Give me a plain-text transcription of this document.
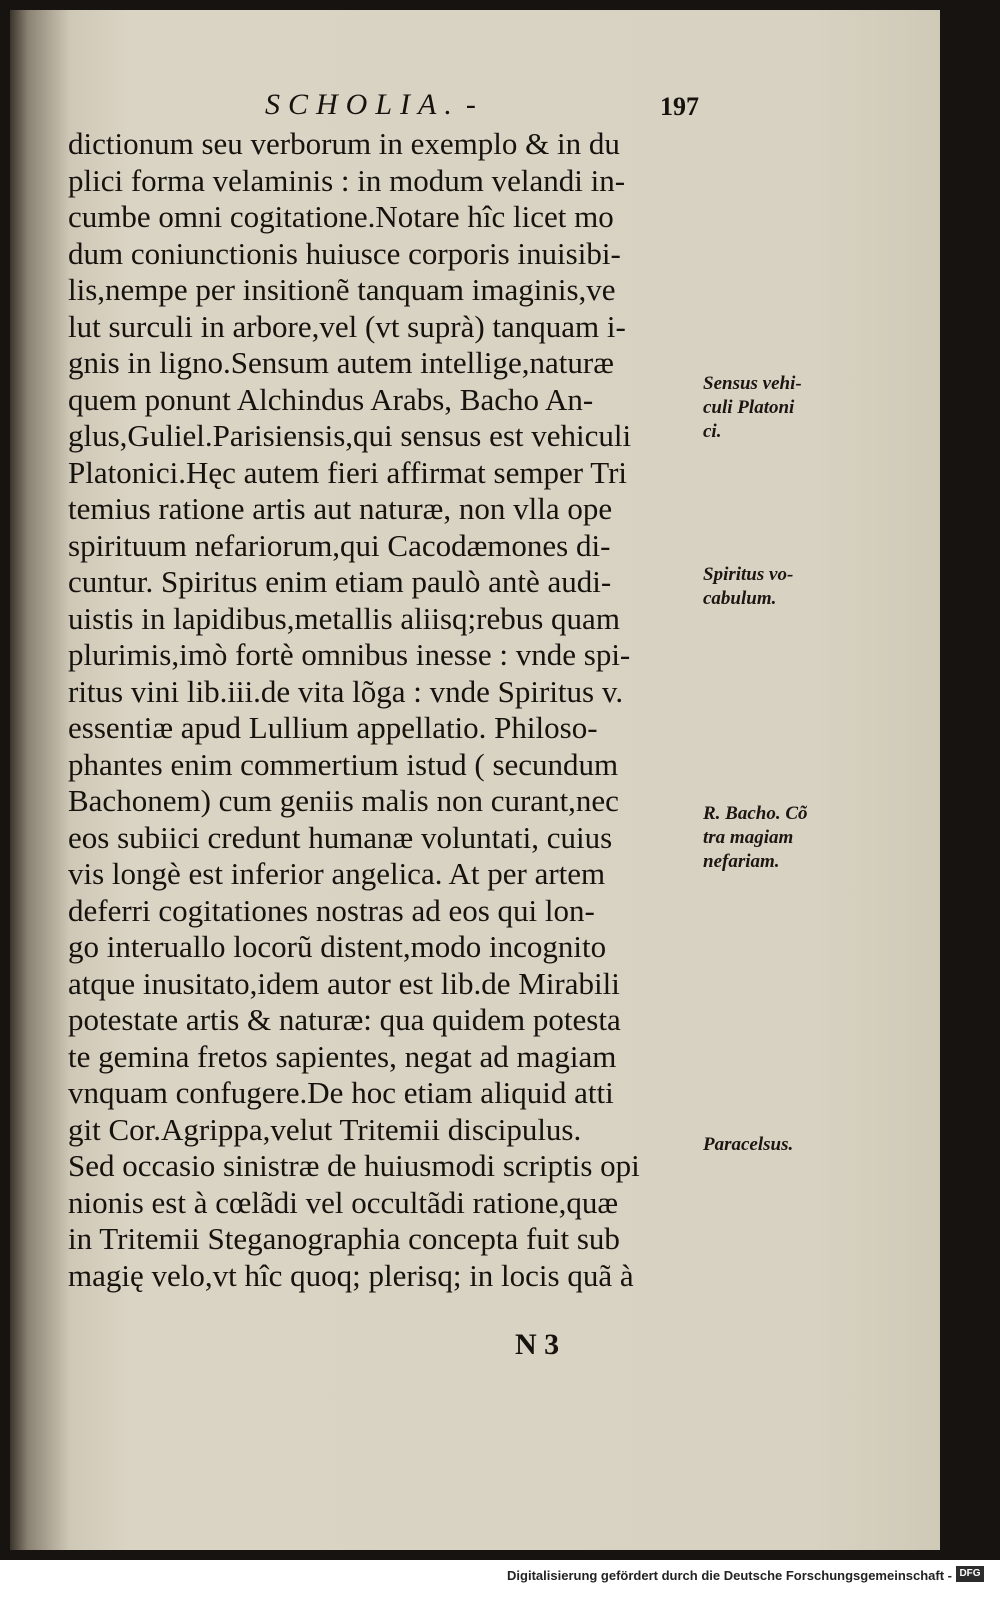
SCHOLIA. -	197
dictionum seu verborum in exemplo & in du
plici forma velaminis : in modum velandi in-
cumbe omni cogitatione.Notare hîc licet mo
dum coniunctionis huiusce corporis inuisibi-
lis,nempe per insitionẽ tanquam imaginis,ve
lut surculi in arbore,vel (vt suprà) tanquam i-
gnis in ligno.Sensum autem intellige,naturæ
quem ponunt Alchindus Arabs, Bacho An-
glus,Guliel.Parisiensis,qui sensus est vehiculi
Platonici.Hęc autem fieri affirmat semper Tri
temius ratione artis aut naturæ, non vlla ope
spirituum nefariorum,qui Cacodæmones di-
cuntur. Spiritus enim etiam paulò antè audi-
uistis in lapidibus,metallis aliisq;rebus quam
plurimis,imò fortè omnibus inesse : vnde spi-
ritus vini lib.iii.de vita lõga : vnde Spiritus v.
essentiæ apud Lullium appellatio. Philoso-
phantes enim commertium istud ( secundum
Bachonem) cum geniis malis non curant,nec
eos subiici credunt humanæ voluntati, cuius
vis longè est inferior angelica. At per artem
deferri cogitationes nostras ad eos qui lon-
go interuallo locorũ distent,modo incognito
atque inusitato,idem autor est lib.de Mirabili
potestate artis & naturæ: qua quidem potesta
te gemina fretos sapientes, negat ad magiam
vnquam confugere.De hoc etiam aliquid atti
git Cor.Agrippa,velut Tritemii discipulus.
Sed occasio sinistræ de huiusmodi scriptis opi
nionis est à cœlãdi vel occultãdi ratione,quæ
in Tritemii Steganographia concepta fuit sub
magię velo,vt hîc quoq; plerisq; in locis quã à
Sensus vehi-
culi Platoni
ci.
Spiritus vo-
cabulum.
R. Bacho. Cõ
tra magiam
nefariam.
Paracelsus.
N 3
Digitalisierung gefördert durch die Deutsche Forschungsgemeinschaft - DFG
